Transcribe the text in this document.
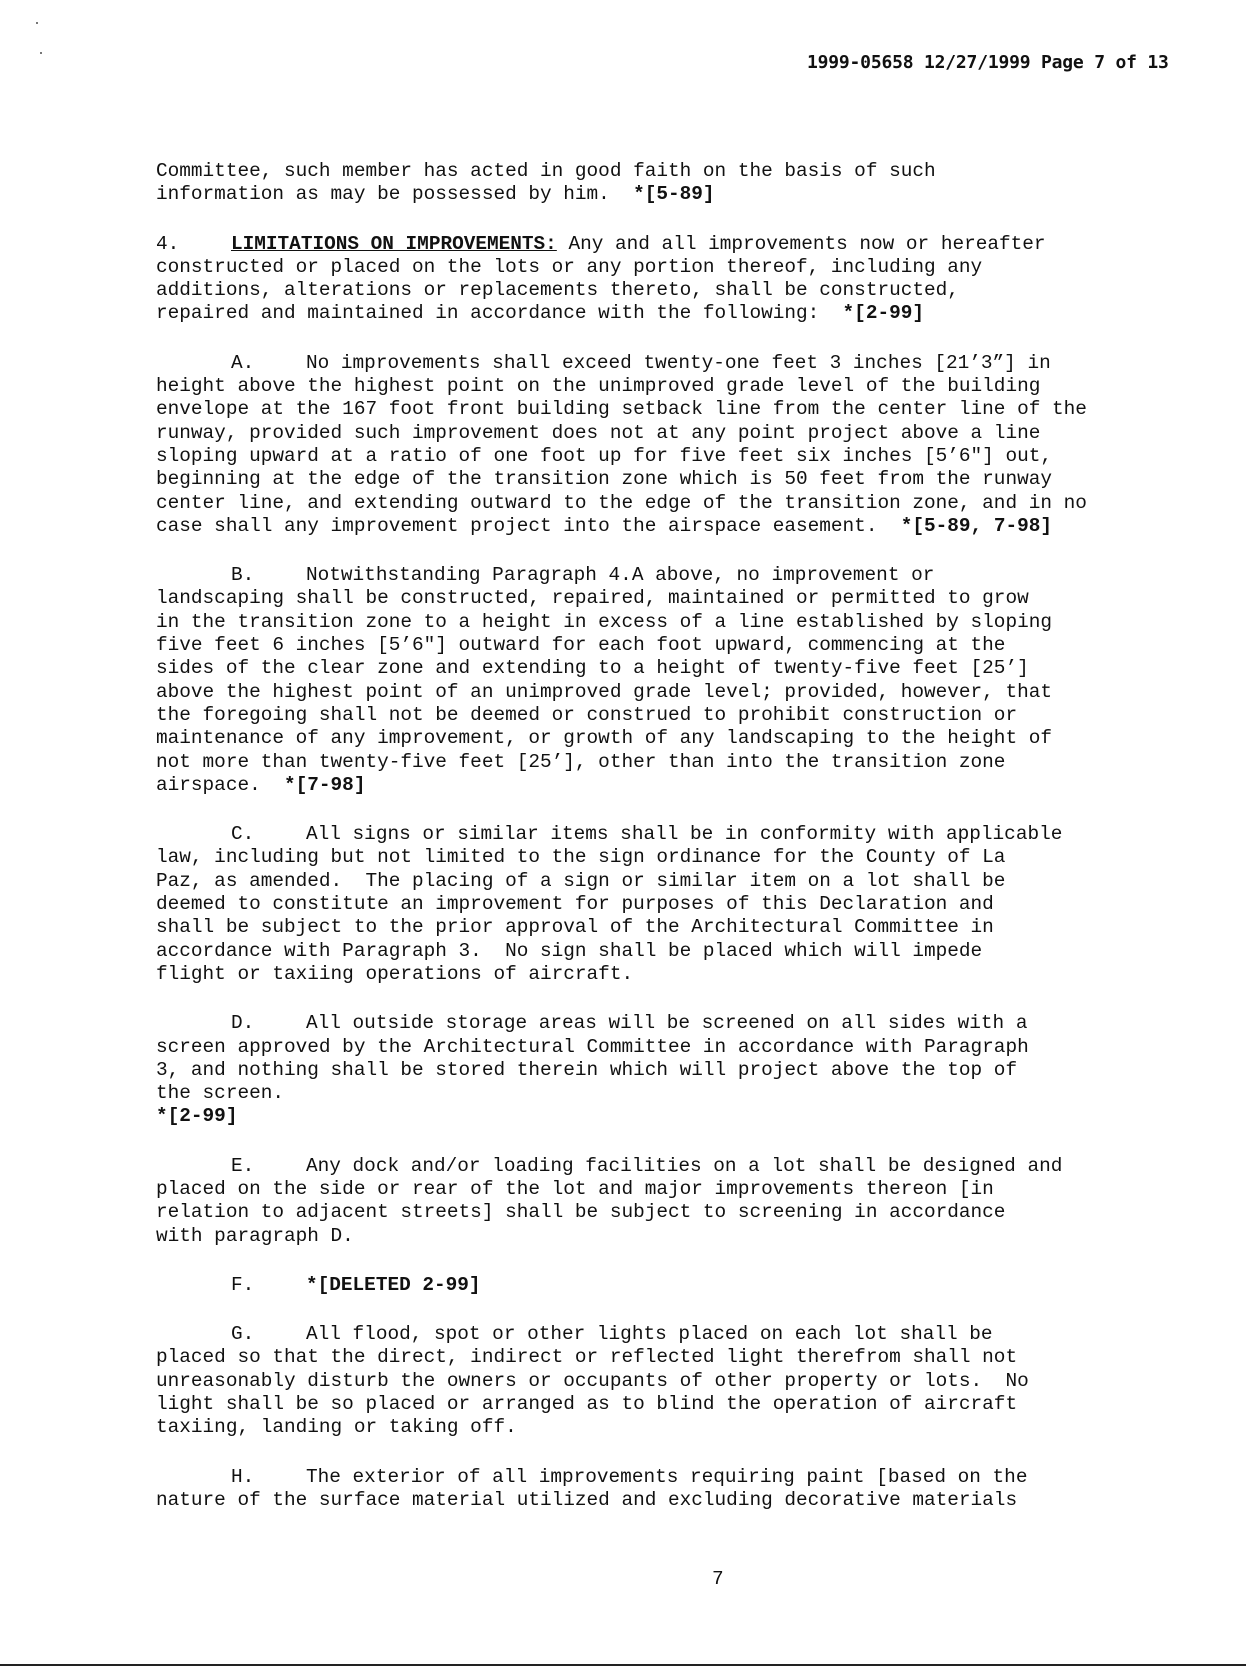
1999-05658 12/27/1999 Page 7 of 13
Committee, such member has acted in good faith on the basis of such
information as may be possessed by him.  *[5-89]
4.	LIMITATIONS ON IMPROVEMENTS: Any and all improvements now or hereafter
constructed or placed on the lots or any portion thereof, including any
additions, alterations or replacements thereto, shall be constructed,
repaired and maintained in accordance with the following:  *[2-99]
A.	No improvements shall exceed twenty-one feet 3 inches [21’3”] in
height above the highest point on the unimproved grade level of the building
envelope at the 167 foot front building setback line from the center line of the
runway, provided such improvement does not at any point project above a line
sloping upward at a ratio of one foot up for five feet six inches [5’6"] out,
beginning at the edge of the transition zone which is 50 feet from the runway
center line, and extending outward to the edge of the transition zone, and in no
case shall any improvement project into the airspace easement.  *[5-89, 7-98]
B.	Notwithstanding Paragraph 4.A above, no improvement or
landscaping shall be constructed, repaired, maintained or permitted to grow
in the transition zone to a height in excess of a line established by sloping
five feet 6 inches [5’6"] outward for each foot upward, commencing at the
sides of the clear zone and extending to a height of twenty-five feet [25’]
above the highest point of an unimproved grade level; provided, however, that
the foregoing shall not be deemed or construed to prohibit construction or
maintenance of any improvement, or growth of any landscaping to the height of
not more than twenty-five feet [25’], other than into the transition zone
airspace.  *[7-98]
C.	All signs or similar items shall be in conformity with applicable
law, including but not limited to the sign ordinance for the County of La
Paz, as amended.  The placing of a sign or similar item on a lot shall be
deemed to constitute an improvement for purposes of this Declaration and
shall be subject to the prior approval of the Architectural Committee in
accordance with Paragraph 3.  No sign shall be placed which will impede
flight or taxiing operations of aircraft.
D.	All outside storage areas will be screened on all sides with a
screen approved by the Architectural Committee in accordance with Paragraph
3, and nothing shall be stored therein which will project above the top of
the screen.
*[2-99]
E.	Any dock and/or loading facilities on a lot shall be designed and
placed on the side or rear of the lot and major improvements thereon [in
relation to adjacent streets] shall be subject to screening in accordance
with paragraph D.
F.	*[DELETED 2-99]
G.	All flood, spot or other lights placed on each lot shall be
placed so that the direct, indirect or reflected light therefrom shall not
unreasonably disturb the owners or occupants of other property or lots.  No
light shall be so placed or arranged as to blind the operation of aircraft
taxiing, landing or taking off.
H.	The exterior of all improvements requiring paint [based on the
nature of the surface material utilized and excluding decorative materials
7
